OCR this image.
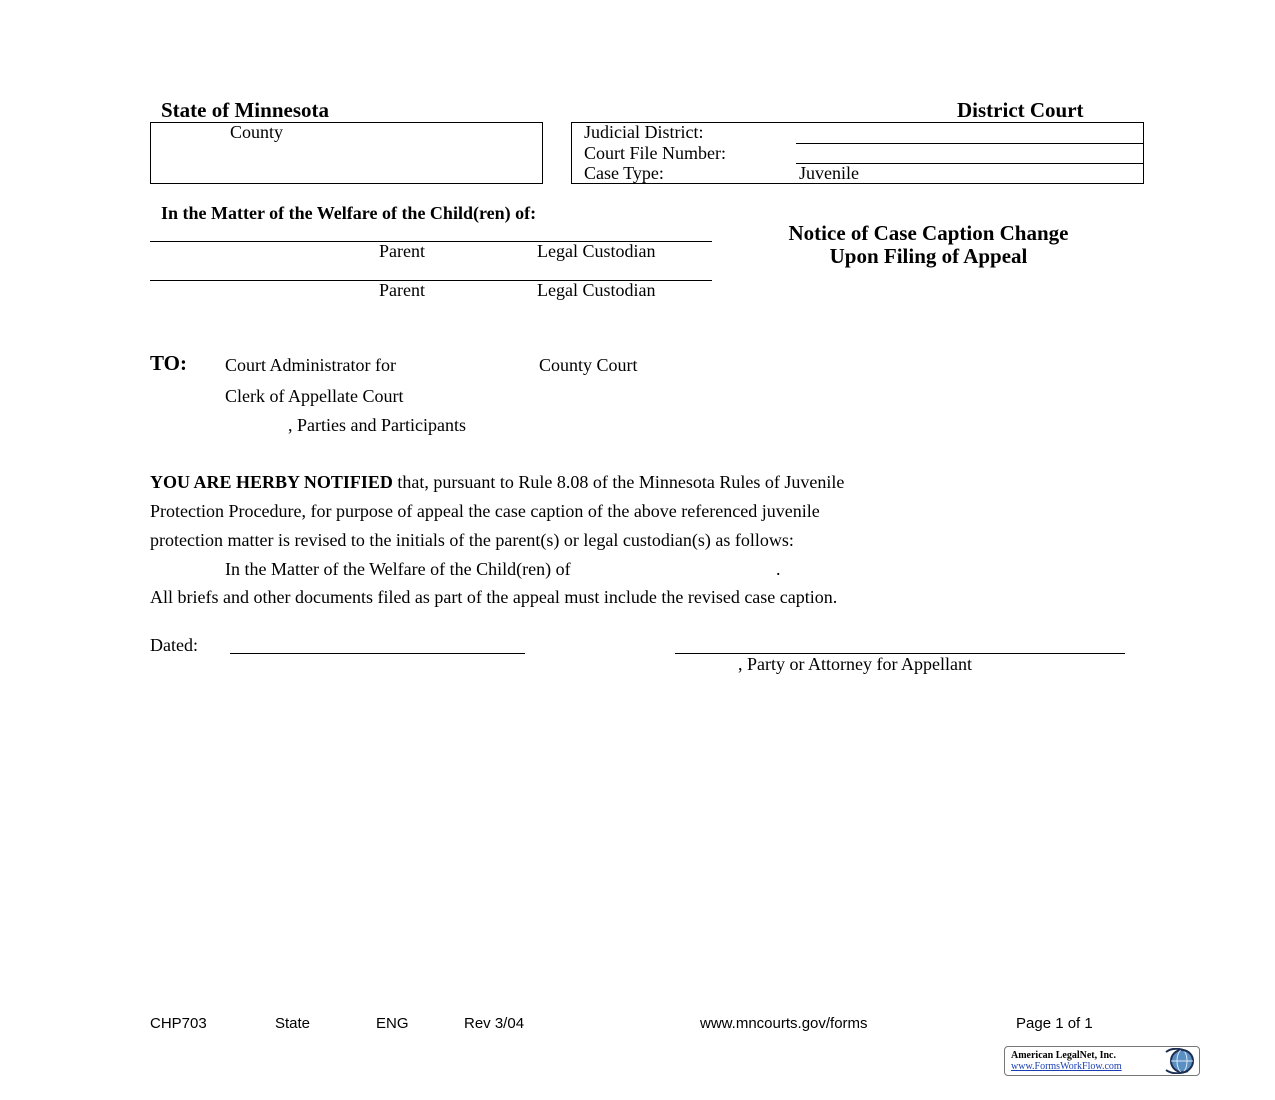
State of Minnesota	District Court
County	Judicial District:
Court File Number:
Case Type:	Juvenile
In the Matter of the Welfare of the Child(ren) of:
Parent	Legal Custodian
Parent	Legal Custodian
Notice of Case Caption Change
Upon Filing of Appeal
TO: Court Administrator for	County Court
Clerk of Appellate Court
, Parties and Participants
YOU ARE HERBY NOTIFIED that, pursuant to Rule 8.08 of the Minnesota Rules of Juvenile
Protection Procedure, for purpose of appeal the case caption of the above referenced juvenile
protection matter is revised to the initials of the parent(s) or legal custodian(s) as follows:
In the Matter of the Welfare of the Child(ren) of	.
All briefs and other documents filed as part of the appeal must include the revised case caption.
Dated:
, Party or Attorney for Appellant
CHP703	State	ENG	Rev 3/04	www.mncourts.gov/forms	Page 1 of 1
American LegalNet, Inc.
www.FormsWorkFlow.com
